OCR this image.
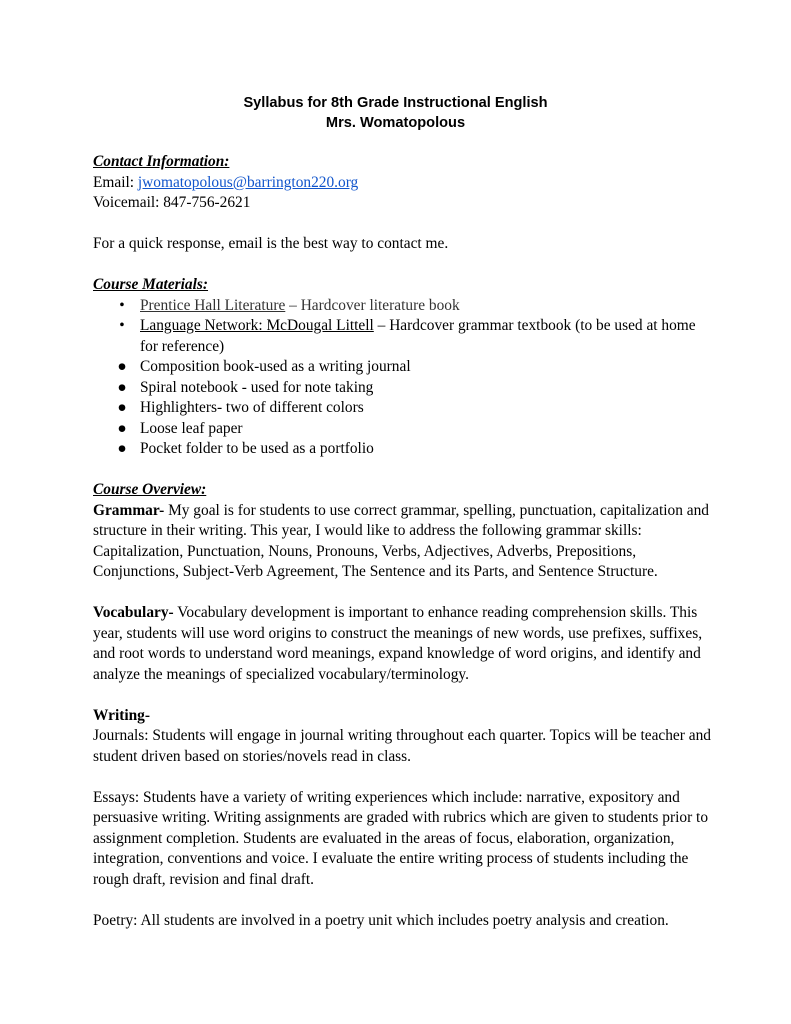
Syllabus for 8th Grade Instructional English
Mrs. Womatopolous

Contact Information:

Email: jwomatopolous@barrington220.org

Voicemail: 847-756-2621

For a quick response, email is the best way to contact me.

Course Materials:

• Prentice Hall Literature – Hardcover literature book
• Language Network: McDougal Littell – Hardcover grammar textbook (to be used at home for reference)
● Composition book-used as a writing journal
● Spiral notebook - used for note taking
● Highlighters- two of different colors
● Loose leaf paper
● Pocket folder to be used as a portfolio

Course Overview:

Grammar- My goal is for students to use correct grammar, spelling, punctuation, capitalization and structure in their writing. This year, I would like to address the following grammar skills: Capitalization, Punctuation, Nouns, Pronouns, Verbs, Adjectives, Adverbs, Prepositions, Conjunctions, Subject-Verb Agreement, The Sentence and its Parts, and Sentence Structure.

Vocabulary- Vocabulary development is important to enhance reading comprehension skills. This year, students will use word origins to construct the meanings of new words, use prefixes, suffixes, and root words to understand word meanings, expand knowledge of word origins, and identify and analyze the meanings of specialized vocabulary/terminology.

Writing-

Journals: Students will engage in journal writing throughout each quarter. Topics will be teacher and student driven based on stories/novels read in class.

Essays: Students have a variety of writing experiences which include: narrative, expository and persuasive writing. Writing assignments are graded with rubrics which are given to students prior to assignment completion. Students are evaluated in the areas of focus, elaboration, organization, integration, conventions and voice. I evaluate the entire writing process of students including the rough draft, revision and final draft.

Poetry: All students are involved in a poetry unit which includes poetry analysis and creation.
